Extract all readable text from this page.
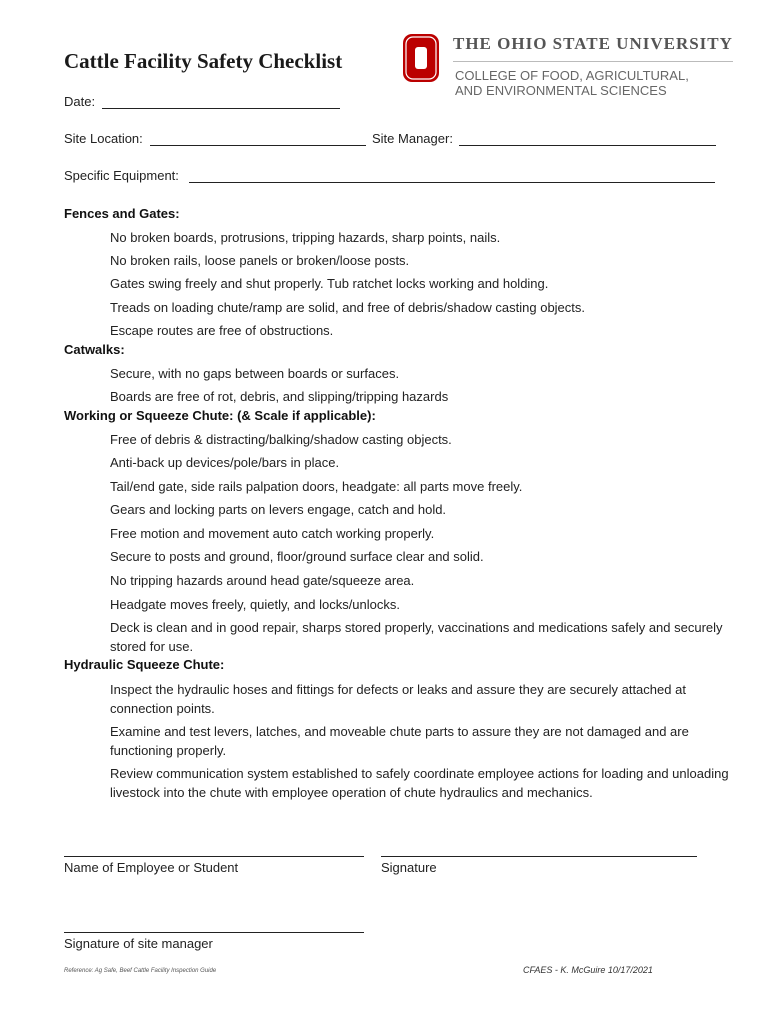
Cattle Facility Safety Checklist
THE OHIO STATE UNIVERSITY
COLLEGE OF FOOD, AGRICULTURAL,
AND ENVIRONMENTAL SCIENCES
Date:
Site Location:	Site Manager:
Specific Equipment:
Fences and Gates:
No broken boards, protrusions, tripping hazards, sharp points, nails.
No broken rails, loose panels or broken/loose posts.
Gates swing freely and shut properly. Tub ratchet locks working and holding.
Treads on loading chute/ramp are solid, and free of debris/shadow casting objects.
Escape routes are free of obstructions.
Catwalks:
Secure, with no gaps between boards or surfaces.
Boards are free of rot, debris, and slipping/tripping hazards
Working or Squeeze Chute: (& Scale if applicable):
Free of debris & distracting/balking/shadow casting objects.
Anti-back up devices/pole/bars in place.
Tail/end gate, side rails palpation doors, headgate: all parts move freely.
Gears and locking parts on levers engage, catch and hold.
Free motion and movement auto catch working properly.
Secure to posts and ground, floor/ground surface clear and solid.
No tripping hazards around head gate/squeeze area.
Headgate moves freely, quietly, and locks/unlocks.
Deck is clean and in good repair, sharps stored properly, vaccinations and medications safely and securely stored for use.
Hydraulic Squeeze Chute:
Inspect the hydraulic hoses and fittings for defects or leaks and assure they are securely attached at connection points.
Examine and test levers, latches, and moveable chute parts to assure they are not damaged and are functioning properly.
Review communication system established to safely coordinate employee actions for loading and unloading livestock into the chute with employee operation of chute hydraulics and mechanics.
Name of Employee or Student	Signature
Signature of site manager
Reference: Ag Safe, Beef Cattle Facility Inspection Guide	CFAES - K. McGuire 10/17/2021
